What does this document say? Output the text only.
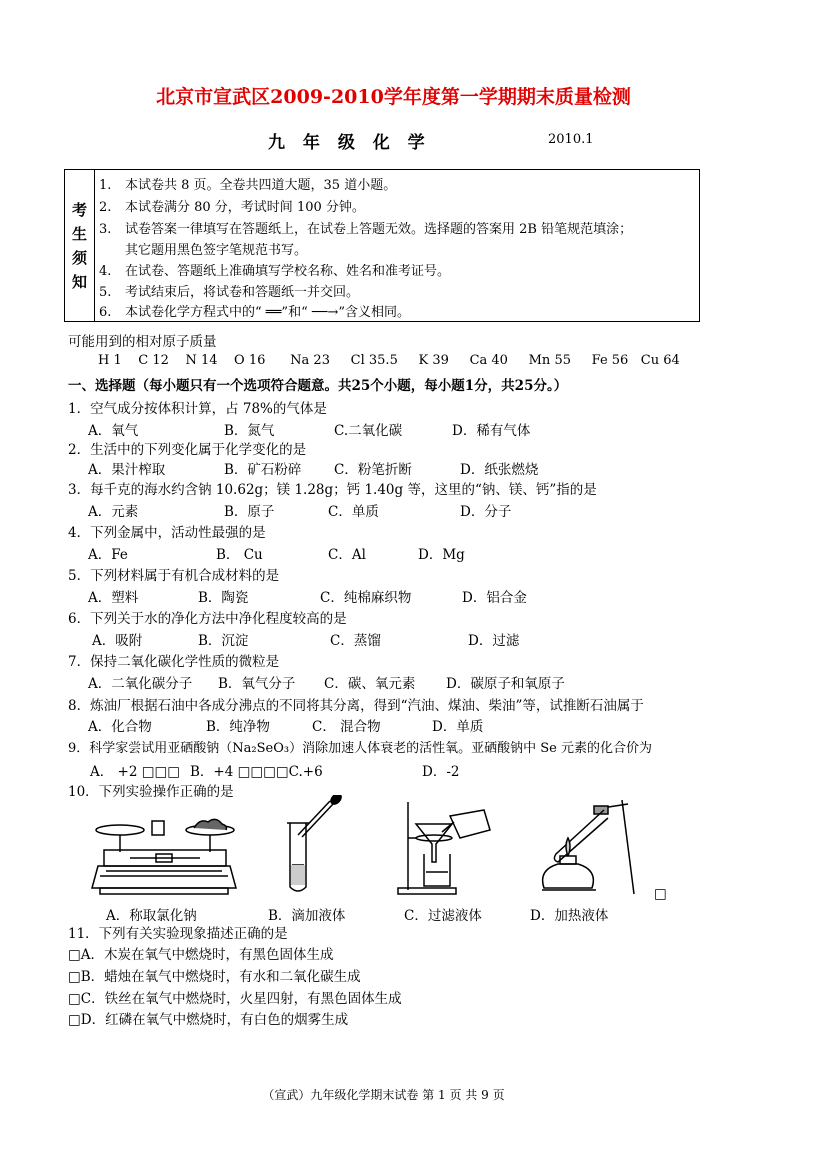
北京市宣武区2009-2010学年度第一学期期末质量检测
九 年 级 化 学	2010.1
考
生
须
知
1. 本试卷共 8 页。全卷共四道大题，35 道小题。
2. 本试卷满分 80 分，考试时间 100 分钟。
3. 试卷答案一律填写在答题纸上，在试卷上答题无效。选择题的答案用 2B 铅笔规范填涂；
其它题用黑色签字笔规范书写。
4. 在试卷、答题纸上准确填写学校名称、姓名和准考证号。
5. 考试结束后，将试卷和答题纸一并交回。
6. 本试卷化学方程式中的“ ══”和“ ──→”含义相同。
可能用到的相对原子质量
H 1 C 12 N 14 O 16 Na 23 Cl 35.5 K 39 Ca 40 Mn 55 Fe 56 Cu 64
一、选择题（每小题只有一个选项符合题意。共25个小题，每小题1分，共25分。）
1．空气成分按体积计算，占 78%的气体是
A．氧气	B．氮气	C.二氧化碳	D．稀有气体
2．生活中的下列变化属于化学变化的是
A．果汁榨取	B．矿石粉碎 C．粉笔折断	D．纸张燃烧
3．每千克的海水约含钠 10.62g；镁 1.28g；钙 1.40g 等，这里的“钠、镁、钙”指的是
A．元素	B．原子	C．单质	D．分子
4．下列金属中，活动性最强的是
A．Fe	B． Cu	C．Al	D．Mg
5．下列材料属于有机合成材料的是
A．塑料	B．陶瓷	C．纯棉麻织物	D．铝合金
6．下列关于水的净化方法中净化程度较高的是
A．吸附	B．沉淀	C．蒸馏	D．过滤
7．保持二氧化碳化学性质的微粒是
A．二氧化碳分子 B．氧气分子 C．碳、氧元素 D．碳原子和氧原子
8．炼油厂根据石油中各成分沸点的不同将其分离，得到“汽油、煤油、柴油”等，试推断石油属于
A．化合物	B．纯净物	C． 混合物	D．单质
9．科学家尝试用亚硒酸钠（Na₂SeO₃）消除加速人体衰老的活性氧。亚硒酸钠中 Se 元素的化合价为
A． +2 □□□ B．+4 □□□□C.+6	D．-2
10．下列实验操作正确的是
A．称取氯化钠	B．滴加液体	C．过滤液体	D．加热液体
□
11．下列有关实验现象描述正确的是
□A．木炭在氧气中燃烧时，有黑色固体生成
□B．蜡烛在氧气中燃烧时，有水和二氧化碳生成
□C．铁丝在氧气中燃烧时，火星四射，有黑色固体生成
□D．红磷在氧气中燃烧时，有白色的烟雾生成
（宣武）九年级化学期末试卷 第 1 页 共 9 页
